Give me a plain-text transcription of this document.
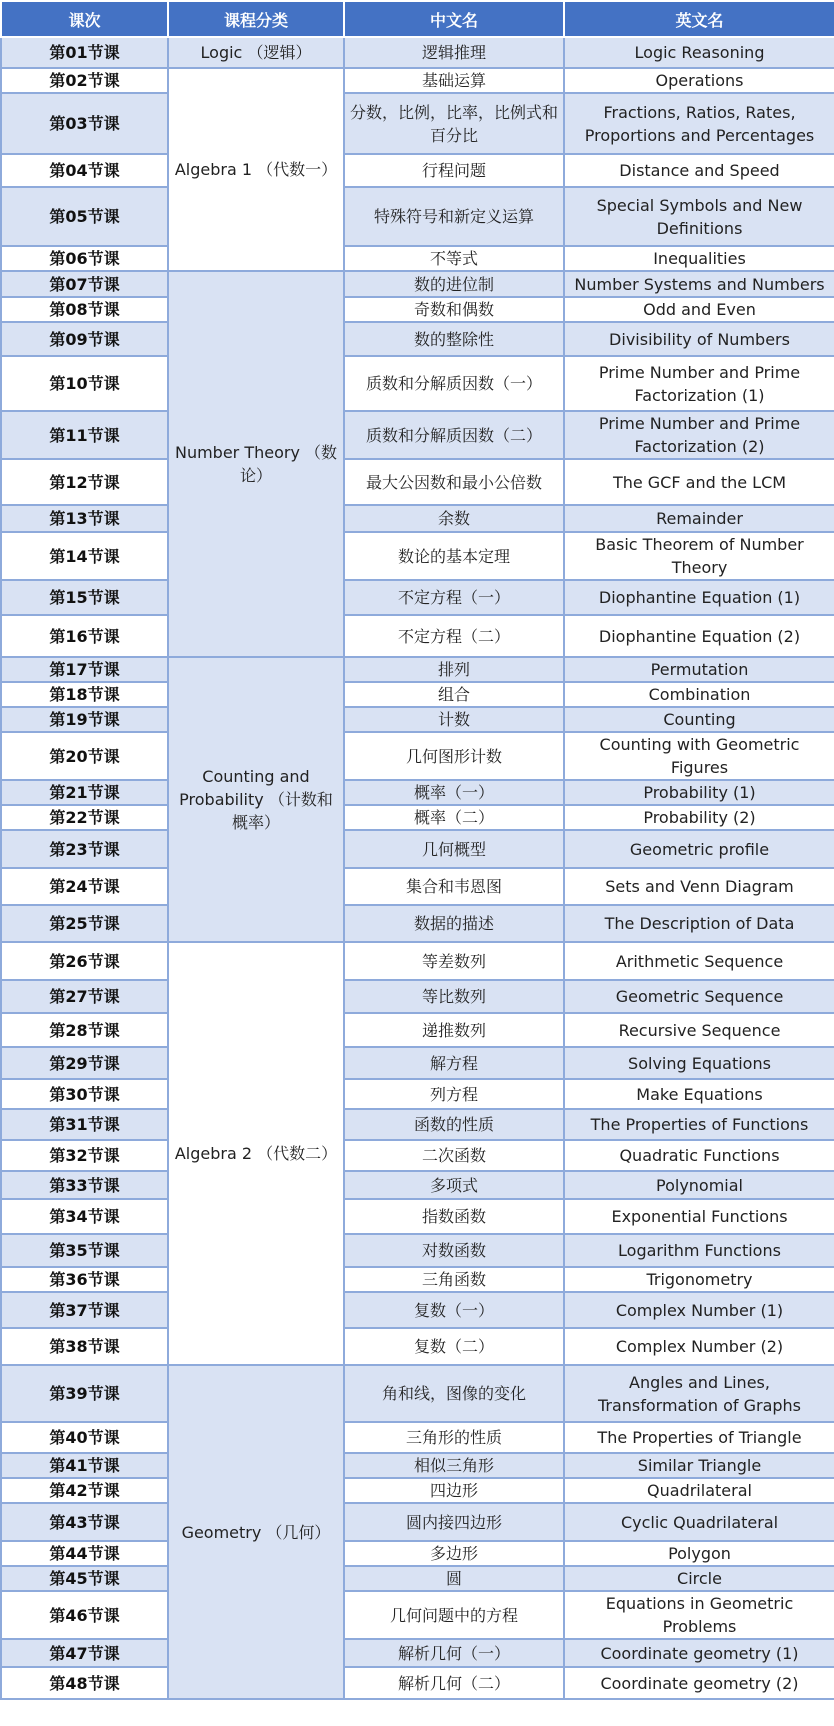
课次	课程分类	中文名	英文名
第01节课	Logic （逻辑）	逻辑推理	Logic Reasoning
第02节课	Algebra 1 （代数一）	基础运算	Operations
第03节课		分数，比例，比率，比例式和百分比	Fractions, Ratios, Rates, Proportions and Percentages
第04节课		行程问题	Distance and Speed
第05节课		特殊符号和新定义运算	Special Symbols and New Definitions
第06节课		不等式	Inequalities
第07节课	Number Theory （数论）	数的进位制	Number Systems and Numbers
第08节课		奇数和偶数	Odd and Even
第09节课		数的整除性	Divisibility of Numbers
第10节课		质数和分解质因数（一）	Prime Number and Prime Factorization (1)
第11节课		质数和分解质因数（二）	Prime Number and Prime Factorization (2)
第12节课		最大公因数和最小公倍数	The GCF and the LCM
第13节课		余数	Remainder
第14节课		数论的基本定理	Basic Theorem of Number Theory
第15节课		不定方程（一）	Diophantine Equation (1)
第16节课		不定方程（二）	Diophantine Equation (2)
第17节课	Counting and Probability （计数和概率）	排列	Permutation
第18节课		组合	Combination
第19节课		计数	Counting
第20节课		几何图形计数	Counting with Geometric Figures
第21节课		概率（一）	Probability (1)
第22节课		概率（二）	Probability (2)
第23节课		几何概型	Geometric profile
第24节课		集合和韦恩图	Sets and Venn Diagram
第25节课		数据的描述	The Description of Data
第26节课	Algebra 2 （代数二）	等差数列	Arithmetic Sequence
第27节课		等比数列	Geometric Sequence
第28节课		递推数列	Recursive Sequence
第29节课		解方程	Solving Equations
第30节课		列方程	Make Equations
第31节课		函数的性质	The Properties of Functions
第32节课		二次函数	Quadratic Functions
第33节课		多项式	Polynomial
第34节课		指数函数	Exponential Functions
第35节课		对数函数	Logarithm Functions
第36节课		三角函数	Trigonometry
第37节课		复数（一）	Complex Number (1)
第38节课		复数（二）	Complex Number (2)
第39节课	Geometry （几何）	角和线，图像的变化	Angles and Lines, Transformation of Graphs
第40节课		三角形的性质	The Properties of Triangle
第41节课		相似三角形	Similar Triangle
第42节课		四边形	Quadrilateral
第43节课		圆内接四边形	Cyclic Quadrilateral
第44节课		多边形	Polygon
第45节课		圆	Circle
第46节课		几何问题中的方程	Equations in Geometric Problems
第47节课		解析几何（一）	Coordinate geometry (1)
第48节课		解析几何（二）	Coordinate geometry (2)
